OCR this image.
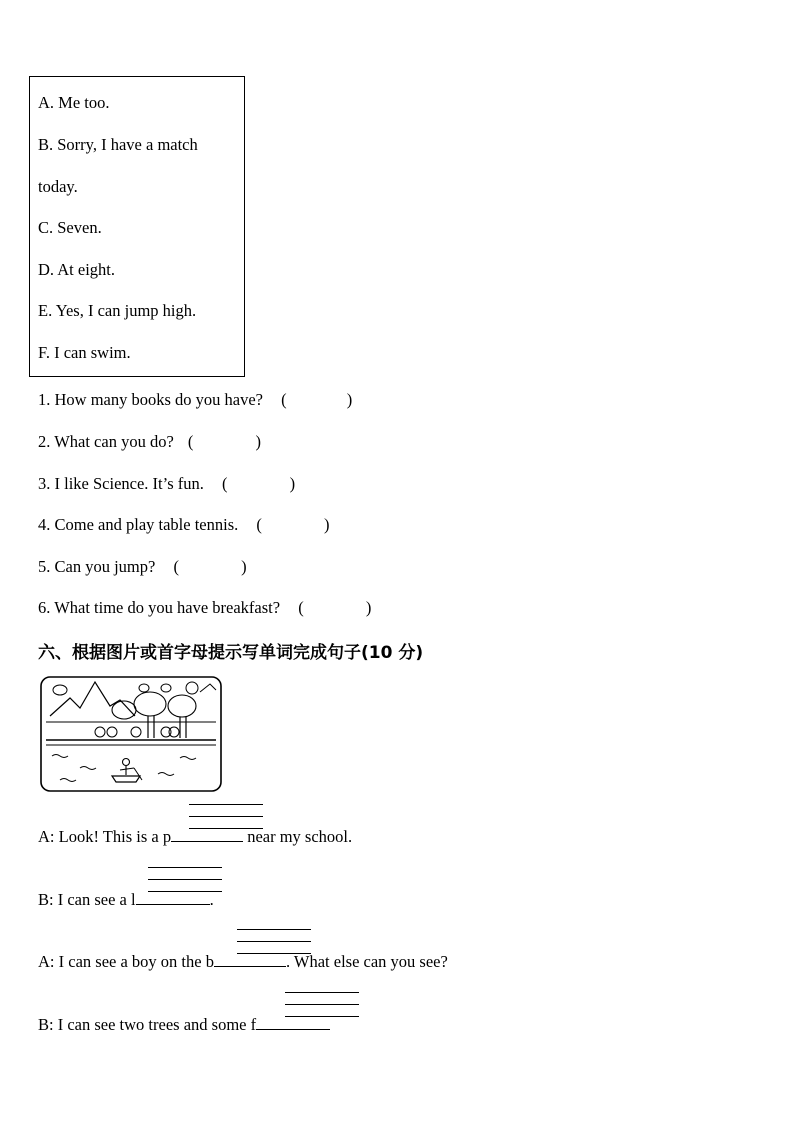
A. Me too.
B. Sorry, I have a match
today.
C. Seven.
D. At eight.
E. Yes, I can jump high.
F. I can swim.
1. How many books do you have? (	)
2. What can you do? (	)
3. I like Science. It’s fun. (	)
4. Come and play table tennis. (	)
5. Can you jump? (	)
6. What time do you have breakfast? (	)
六、根据图片或首字母提示写单词完成句子(10 分)
A: Look! This is a p	near my school.
B: I can see a l	.
A: I can see a boy on the b	. What else can you see?
B: I can see two trees and some f
